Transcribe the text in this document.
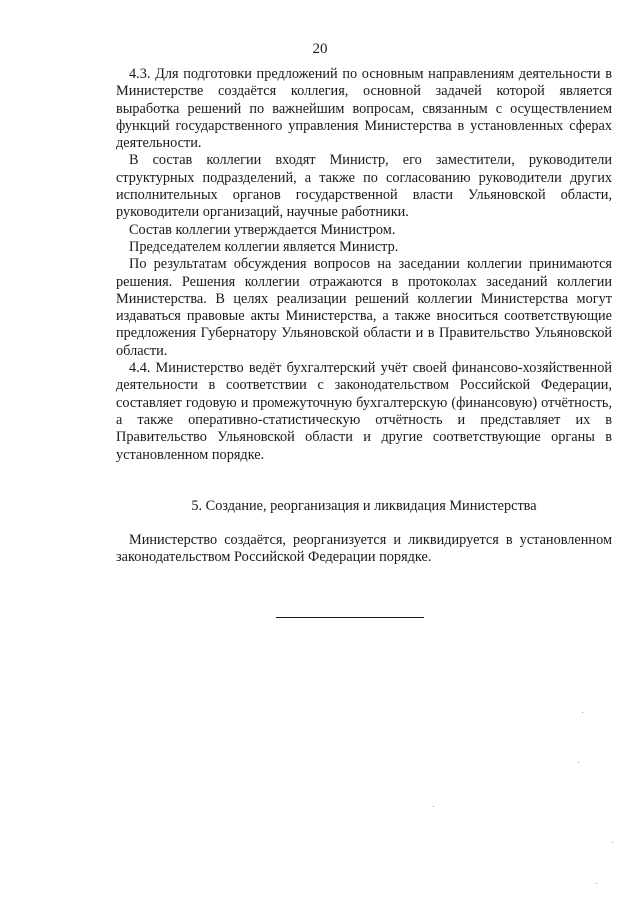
20

4.3. Для подготовки предложений по основным направлениям деятельности в Министерстве создаётся коллегия, основной задачей которой является выработка решений по важнейшим вопросам, связанным с осуществлением функций государственного управления Министерства в установленных сферах деятельности.

В состав коллегии входят Министр, его заместители, руководители структурных подразделений, а также по согласованию руководители других исполнительных органов государственной власти Ульяновской области, руководители организаций, научные работники.

Состав коллегии утверждается Министром.

Председателем коллегии является Министр.

По результатам обсуждения вопросов на заседании коллегии принимаются решения. Решения коллегии отражаются в протоколах заседаний коллегии Министерства. В целях реализации решений коллегии Министерства могут издаваться правовые акты Министерства, а также вноситься соответствующие предложения Губернатору Ульяновской области и в Правительство Ульяновской области.

4.4. Министерство ведёт бухгалтерский учёт своей финансово-хозяйственной деятельности в соответствии с законодательством Российской Федерации, составляет годовую и промежуточную бухгалтерскую (финансовую) отчётность, а также оперативно-статистическую отчётность и представляет их в Правительство Ульяновской области и другие соответствующие органы в установленном порядке.

5. Создание, реорганизация и ликвидация Министерства

Министерство создаётся, реорганизуется и ликвидируется в установленном законодательством Российской Федерации порядке.
